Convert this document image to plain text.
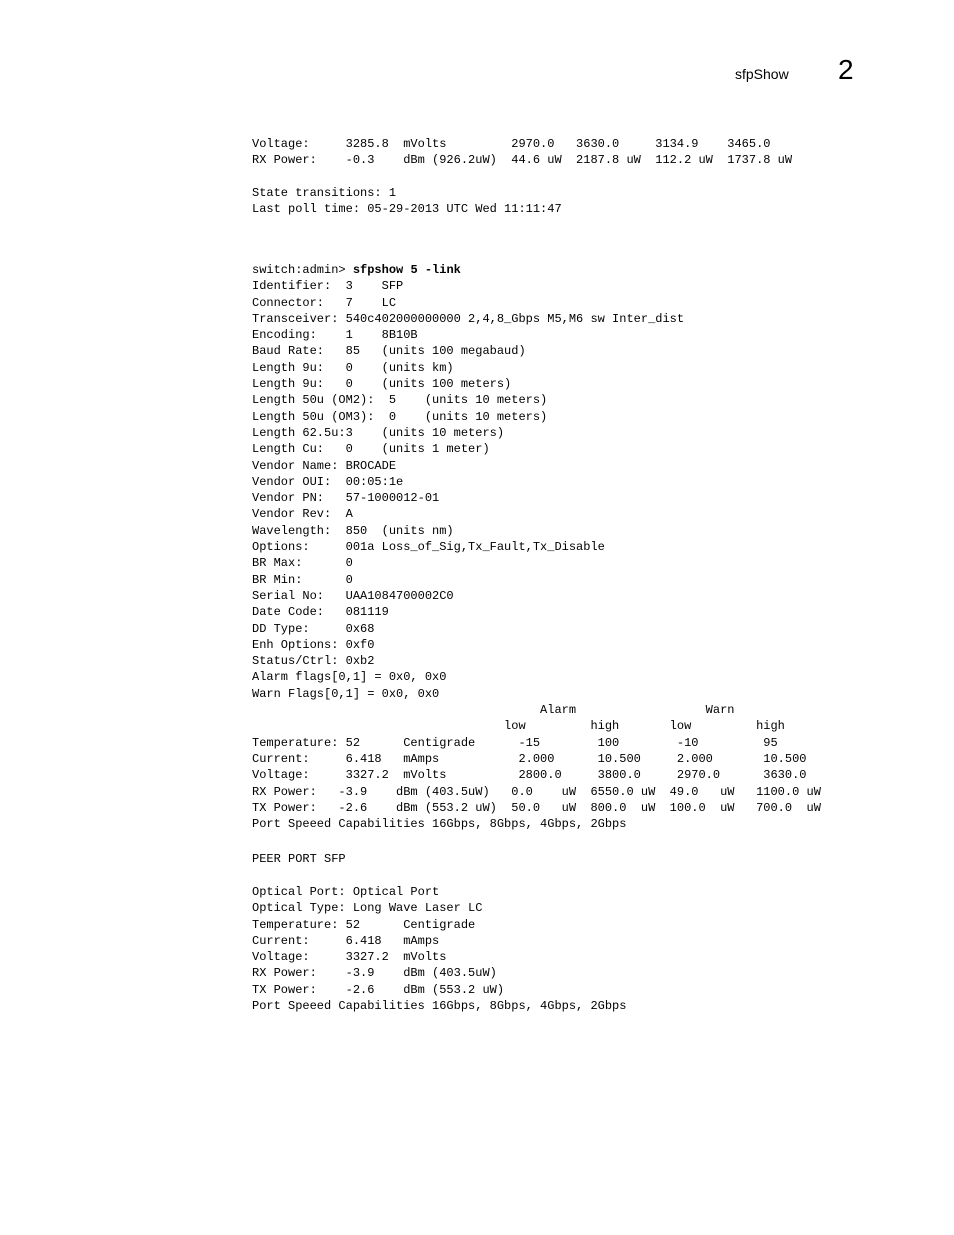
sfpShow 2
Voltage:     3285.8  mVolts         2970.0   3630.0     3134.9    3465.0
RX Power:    -0.3    dBm (926.2uW)  44.6 uW  2187.8 uW  112.2 uW  1737.8 uW
State transitions: 1
Last poll time: 05-29-2013 UTC Wed 11:11:47
switch:admin> sfpshow 5 -link
Identifier:  3    SFP
Connector:   7    LC
Transceiver: 540c402000000000 2,4,8_Gbps M5,M6 sw Inter_dist
Encoding:    1    8B10B
Baud Rate:   85   (units 100 megabaud)
Length 9u:   0    (units km)
Length 9u:   0    (units 100 meters)
Length 50u (OM2):  5    (units 10 meters)
Length 50u (OM3):  0    (units 10 meters)
Length 62.5u:3    (units 10 meters)
Length Cu:   0    (units 1 meter)
Vendor Name: BROCADE
Vendor OUI:  00:05:1e
Vendor PN:   57-1000012-01
Vendor Rev:  A
Wavelength:  850  (units nm)
Options:     001a Loss_of_Sig,Tx_Fault,Tx_Disable
BR Max:      0
BR Min:      0
Serial No:   UAA1084700002C0
Date Code:   081119
DD Type:     0x68
Enh Options: 0xf0
Status/Ctrl: 0xb2
Alarm flags[0,1] = 0x0, 0x0
Warn Flags[0,1] = 0x0, 0x0
Alarm                  Warn
low         high       low         high
Temperature: 52      Centigrade      -15        100        -10         95
Current:     6.418   mAmps           2.000      10.500     2.000       10.500
Voltage:     3327.2  mVolts          2800.0     3800.0     2970.0      3630.0
RX Power:   -3.9    dBm (403.5uW)   0.0    uW  6550.0 uW  49.0   uW   1100.0 uW
TX Power:   -2.6    dBm (553.2 uW)  50.0   uW  800.0  uW  100.0  uW   700.0  uW
Port Speeed Capabilities 16Gbps, 8Gbps, 4Gbps, 2Gbps
PEER PORT SFP
Optical Port: Optical Port
Optical Type: Long Wave Laser LC
Temperature: 52      Centigrade
Current:     6.418   mAmps
Voltage:     3327.2  mVolts
RX Power:    -3.9    dBm (403.5uW)
TX Power:    -2.6    dBm (553.2 uW)
Port Speeed Capabilities 16Gbps, 8Gbps, 4Gbps, 2Gbps
